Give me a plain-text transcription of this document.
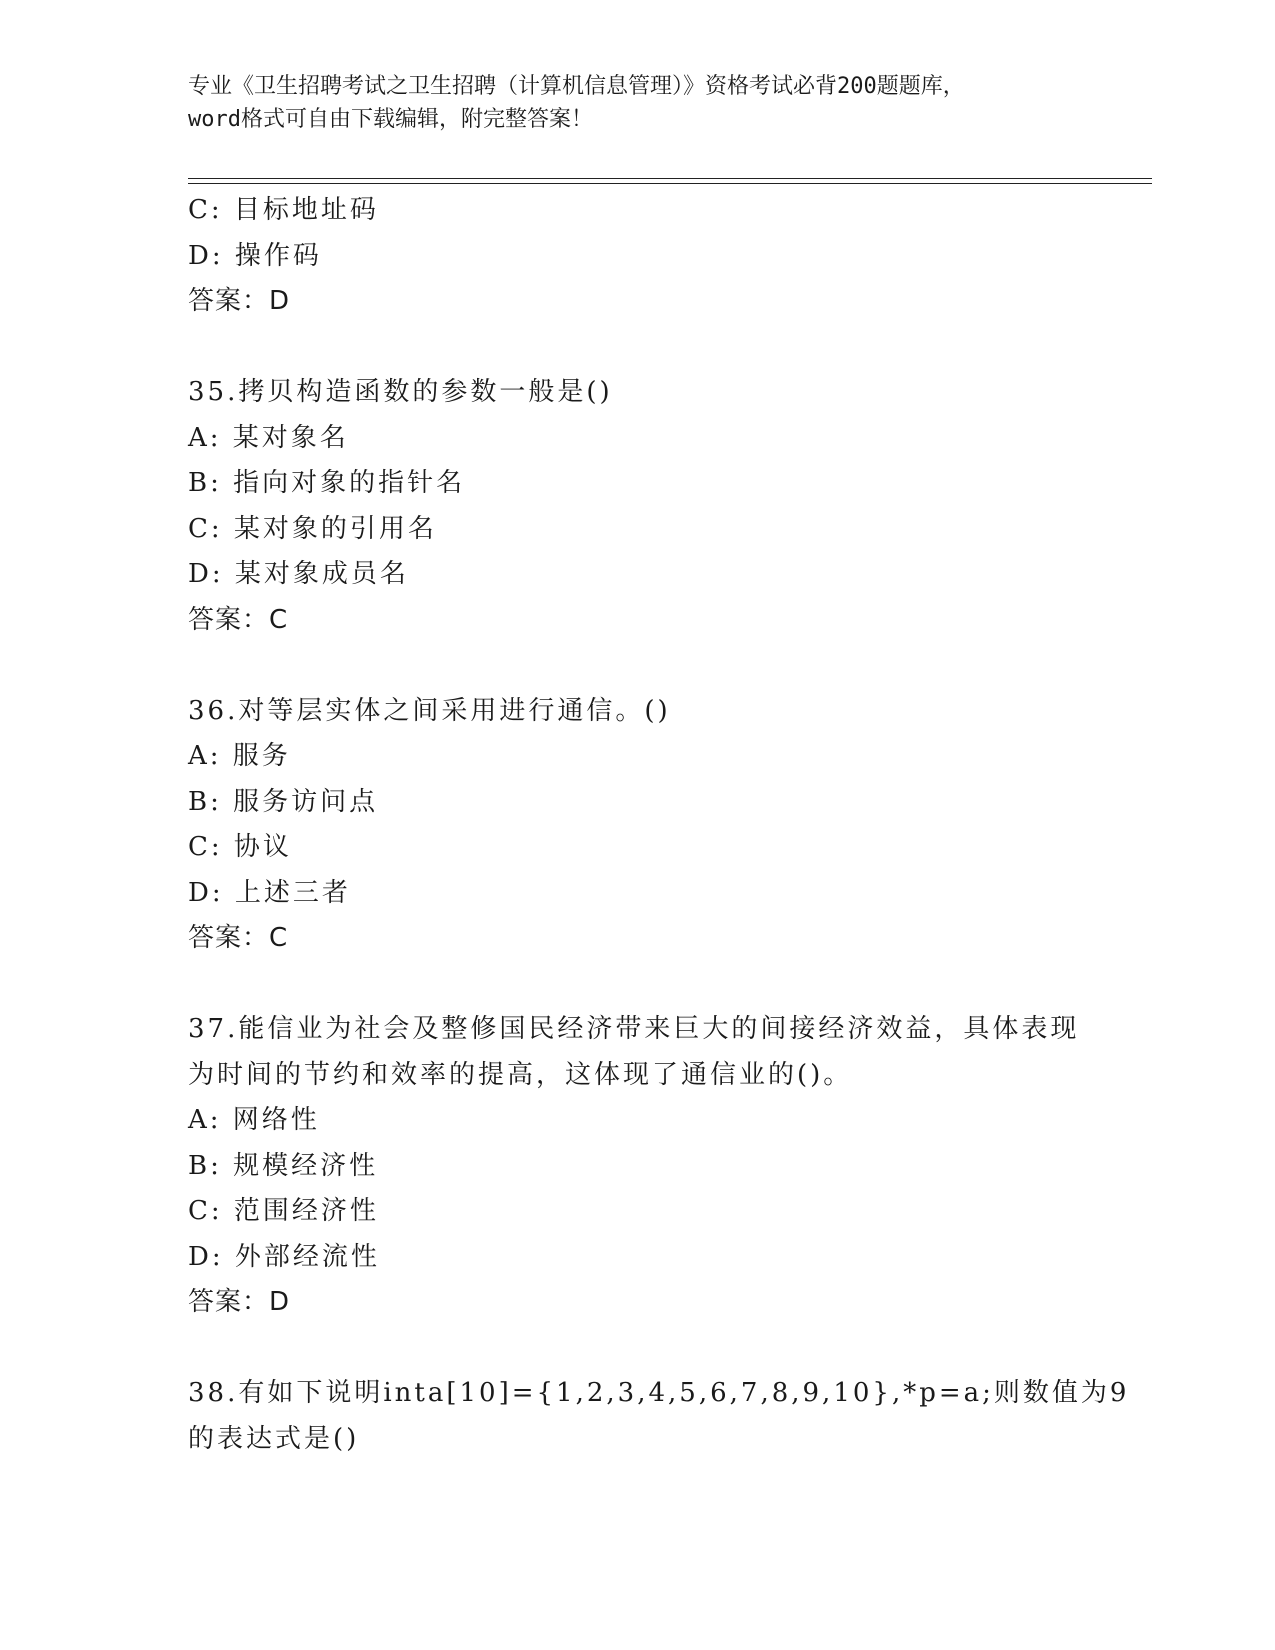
专业《卫生招聘考试之卫生招聘（计算机信息管理）》资格考试必背200题题库，
word格式可自由下载编辑，附完整答案！
C: 目标地址码
D: 操作码
答案：D
35.拷贝构造函数的参数一般是()
A: 某对象名
B: 指向对象的指针名
C: 某对象的引用名
D: 某对象成员名
答案：C
36.对等层实体之间采用进行通信。()
A: 服务
B: 服务访问点
C: 协议
D: 上述三者
答案：C
37.能信业为社会及整修国民经济带来巨大的间接经济效益，具体表现
为时间的节约和效率的提高，这体现了通信业的()。
A: 网络性
B: 规模经济性
C: 范围经济性
D: 外部经流性
答案：D
38.有如下说明inta[10]={1,2,3,4,5,6,7,8,9,10},*p=a;则数值为9
的表达式是()
